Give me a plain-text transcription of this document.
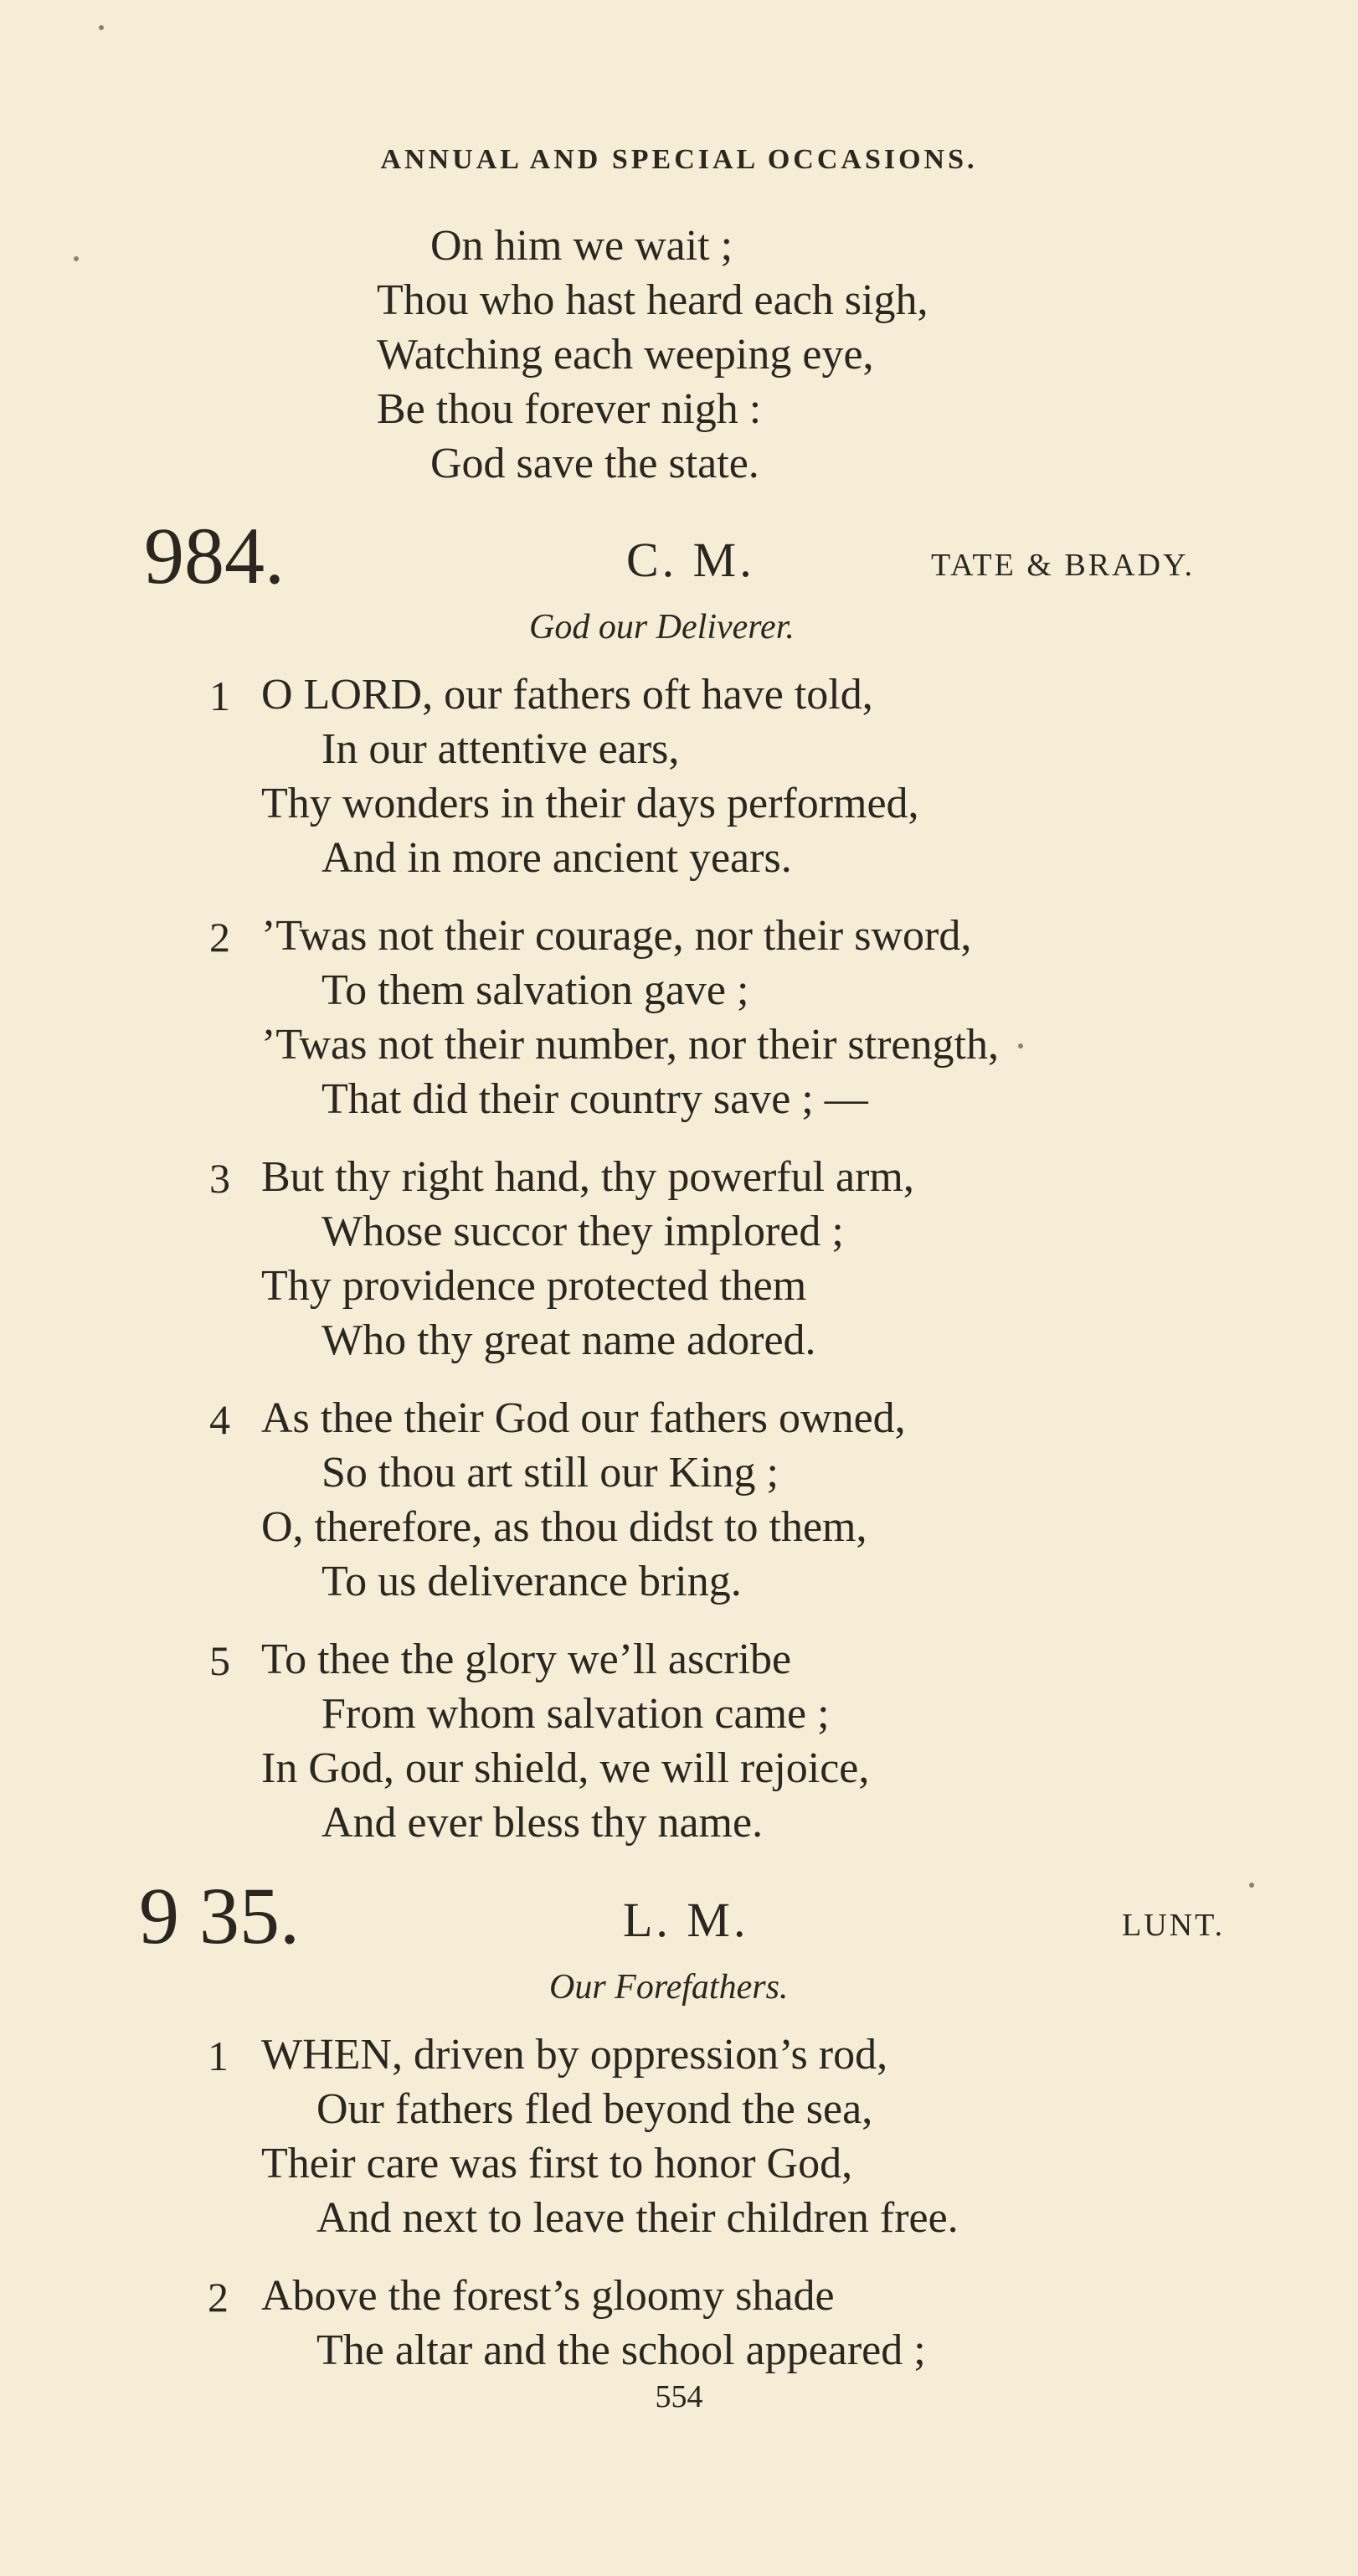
ANNUAL AND SPECIAL OCCASIONS.
On him we wait ;
Thou who hast heard each sigh,
Watching each weeping eye,
Be thou forever nigh :
God save the state.
984.	C. M.	TATE & BRADY.
God our Deliverer.
1 O LORD, our fathers oft have told,
In our attentive ears,
Thy wonders in their days performed,
And in more ancient years.
2 ’Twas not their courage, nor their sword,
To them salvation gave ;
’Twas not their number, nor their strength,
That did their country save ; —
3 But thy right hand, thy powerful arm,
Whose succor they implored ;
Thy providence protected them
Who thy great name adored.
4 As thee their God our fathers owned,
So thou art still our King ;
O, therefore, as thou didst to them,
To us deliverance bring.
5 To thee the glory we’ll ascribe
From whom salvation came ;
In God, our shield, we will rejoice,
And ever bless thy name.
9 35.	L. M.	LUNT.
Our Forefathers.
1 WHEN, driven by oppression’s rod,
Our fathers fled beyond the sea,
Their care was first to honor God,
And next to leave their children free.
2 Above the forest’s gloomy shade
The altar and the school appeared ;
554
